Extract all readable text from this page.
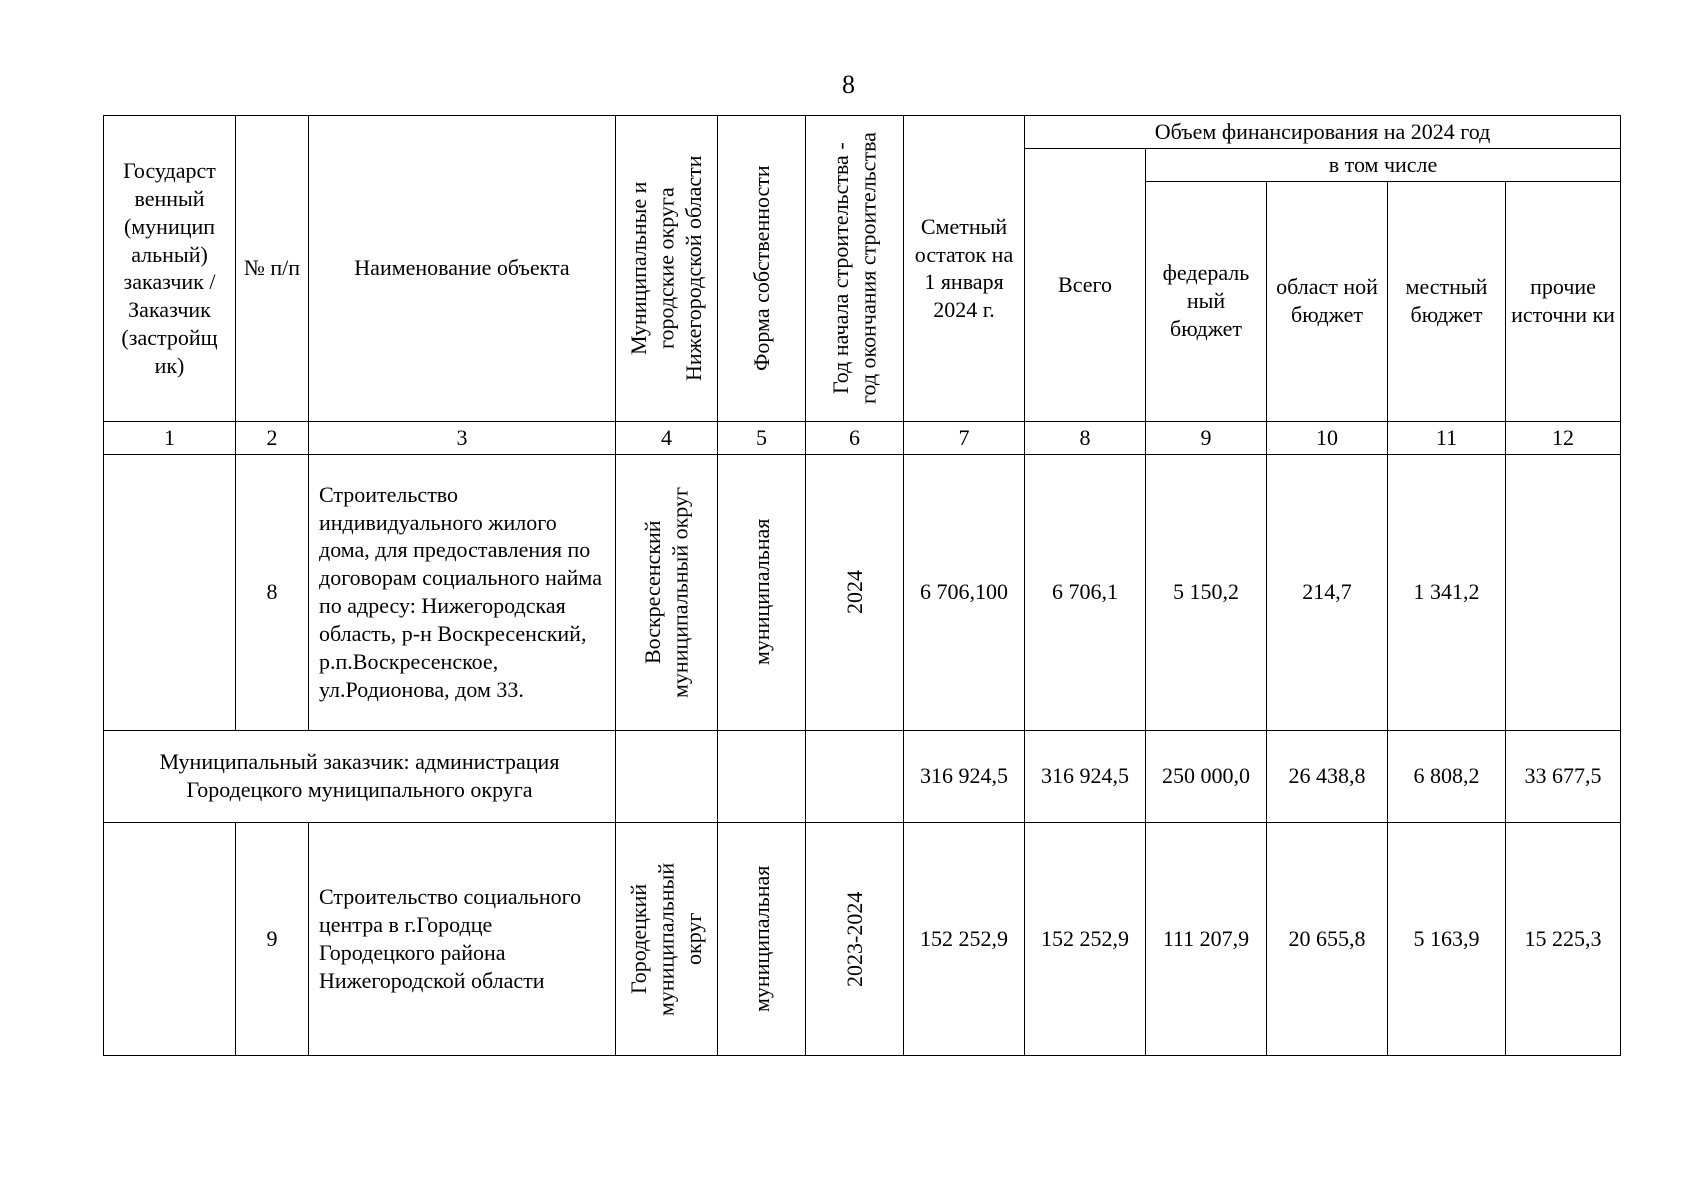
8
Государст венный (муницип альный) заказчик / Заказчик (застройщ ик)	№ п/п	Наименование объекта	Муниципальные и городские округа Нижегородской области	Форма собственности	Год начала строительства - год окончания строительства	Сметный остаток на 1 января 2024 г.	Объем финансирования на 2024 год				
							Всего	в том числе			
								федераль ный бюджет	област ной бюджет	местный бюджет	прочие источни ки
1	2	3	4	5	6	7	8	9	10	11	12
	8	Строительство индивидуального жилого дома, для предоставления по договорам социального найма по адресу: Нижегородская область, р-н Воскресенский, р.п.Воскресенское, ул.Родионова, дом 33.	Воскресенский муниципальный округ	муниципальная	2024	6 706,100	6 706,1	5 150,2	214,7	1 341,2	
Муниципальный заказчик: администрация Городецкого муниципального округа						316 924,5	316 924,5	250 000,0	26 438,8	6 808,2	33 677,5
	9	Строительство социального центра в г.Городце Городецкого района Нижегородской области	Городецкий муниципальный округ	муниципальная	2023-2024	152 252,9	152 252,9	111 207,9	20 655,8	5 163,9	15 225,3
